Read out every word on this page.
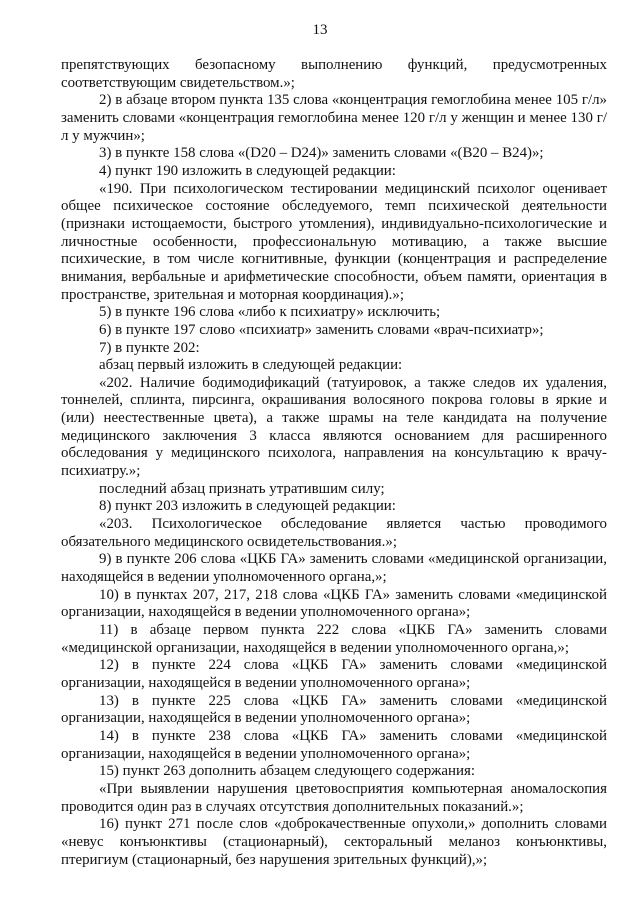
13

препятствующих безопасному выполнению функций, предусмотренных соответствующим свидетельством.»;

2) в абзаце втором пункта 135 слова «концентрация гемоглобина менее 105 г/л» заменить словами «концентрация гемоглобина менее 120 г/л у женщин и менее 130 г/л у мужчин»;

3) в пункте 158 слова «(D20 – D24)» заменить словами «(B20 – B24)»;

4) пункт 190 изложить в следующей редакции:

«190. При психологическом тестировании медицинский психолог оценивает общее психическое состояние обследуемого, темп психической деятельности (признаки истощаемости, быстрого утомления), индивидуально-психологические и личностные особенности, профессиональную мотивацию, а также высшие психические, в том числе когнитивные, функции (концентрация и распределение внимания, вербальные и арифметические способности, объем памяти, ориентация в пространстве, зрительная и моторная координация).»;

5) в пункте 196 слова «либо к психиатру» исключить;

6) в пункте 197 слово «психиатр» заменить словами «врач-психиатр»;

7) в пункте 202:

абзац первый изложить в следующей редакции:

«202. Наличие бодимодификаций (татуировок, а также следов их удаления, тоннелей, сплинта, пирсинга, окрашивания волосяного покрова головы в яркие и (или) неестественные цвета), а также шрамы на теле кандидата на получение медицинского заключения 3 класса являются основанием для расширенного обследования у медицинского психолога, направления на консультацию к врачу-психиатру.»;

последний абзац признать утратившим силу;

8) пункт 203 изложить в следующей редакции:

«203. Психологическое обследование является частью проводимого обязательного медицинского освидетельствования.»;

9) в пункте 206 слова «ЦКБ ГА» заменить словами «медицинской организации, находящейся в ведении уполномоченного органа,»;

10) в пунктах 207, 217, 218 слова «ЦКБ ГА» заменить словами «медицинской организации, находящейся в ведении уполномоченного органа»;

11) в абзаце первом пункта 222 слова «ЦКБ ГА» заменить словами «медицинской организации, находящейся в ведении уполномоченного органа,»;

12) в пункте 224 слова «ЦКБ ГА» заменить словами «медицинской организации, находящейся в ведении уполномоченного органа»;

13) в пункте 225 слова «ЦКБ ГА» заменить словами «медицинской организации, находящейся в ведении уполномоченного органа»;

14) в пункте 238 слова «ЦКБ ГА» заменить словами «медицинской организации, находящейся в ведении уполномоченного органа»;

15) пункт 263 дополнить абзацем следующего содержания:

«При выявлении нарушения цветовосприятия компьютерная аномалоскопия проводится один раз в случаях отсутствия дополнительных показаний.»;

16) пункт 271 после слов «доброкачественные опухоли,» дополнить словами «невус конъюнктивы (стационарный), секторальный меланоз конъюнктивы, птеригиум (стационарный, без нарушения зрительных функций),»;
